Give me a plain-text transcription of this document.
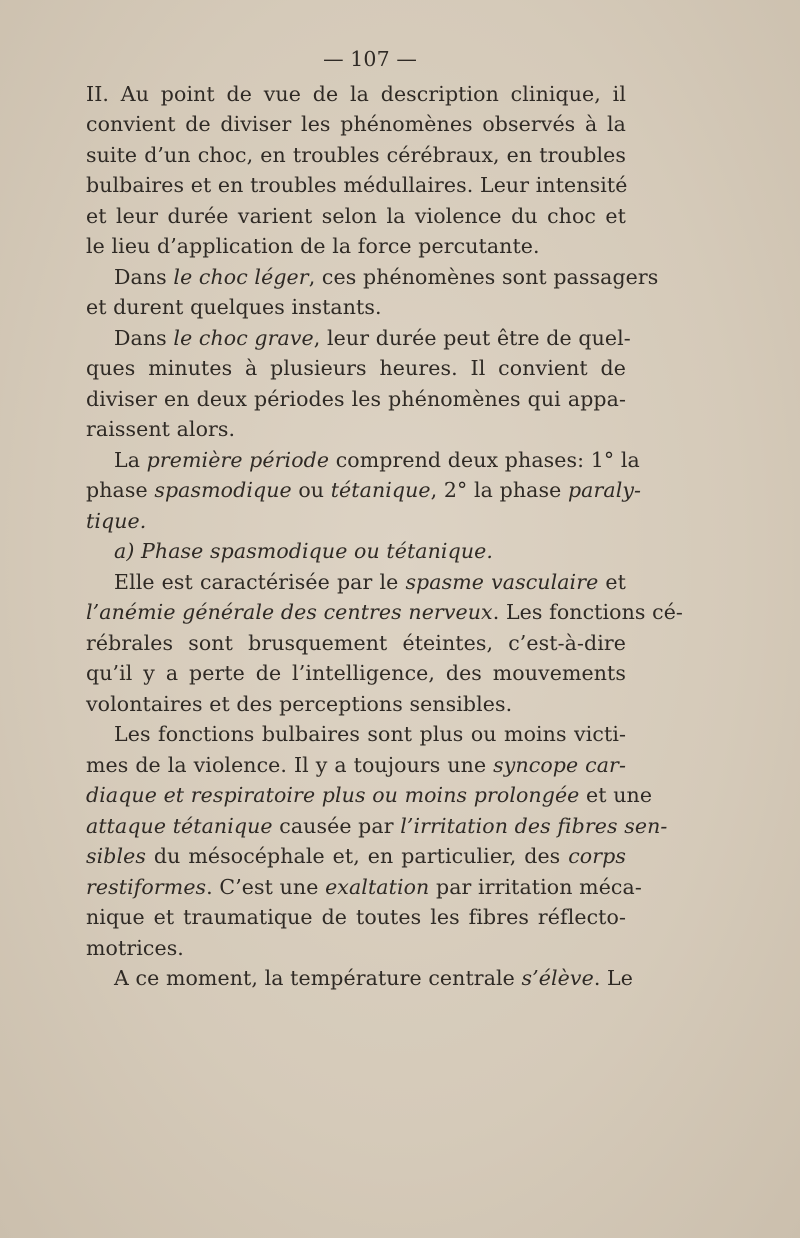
— 107 —
II. Au point de vue de la description clinique, il
convient de diviser les phénomènes observés à la
suite d’un choc, en troubles cérébraux, en troubles
bulbaires et en troubles médullaires. Leur intensité
et leur durée varient selon la violence du choc et
le lieu d’application de la force percutante.
Dans le choc léger, ces phénomènes sont passagers
et durent quelques instants.
Dans le choc grave, leur durée peut être de quel-
ques minutes à plusieurs heures. Il convient de
diviser en deux périodes les phénomènes qui appa-
raissent alors.
La première période comprend deux phases: 1° la
phase spasmodique ou tétanique, 2° la phase paraly-
tique.
a) Phase spasmodique ou tétanique.
Elle est caractérisée par le spasme vasculaire et
l’anémie générale des centres nerveux. Les fonctions cé-
rébrales sont brusquement éteintes, c’est-à-dire
qu’il y a perte de l’intelligence, des mouvements
volontaires et des perceptions sensibles.
Les fonctions bulbaires sont plus ou moins victi-
mes de la violence. Il y a toujours une syncope car-
diaque et respiratoire plus ou moins prolongée et une
attaque tétanique causée par l’irritation des fibres sen-
sibles du mésocéphale et, en particulier, des corps
restiformes. C’est une exaltation par irritation méca-
nique et traumatique de toutes les fibres réflecto-
motrices.
A ce moment, la température centrale s’élève. Le
